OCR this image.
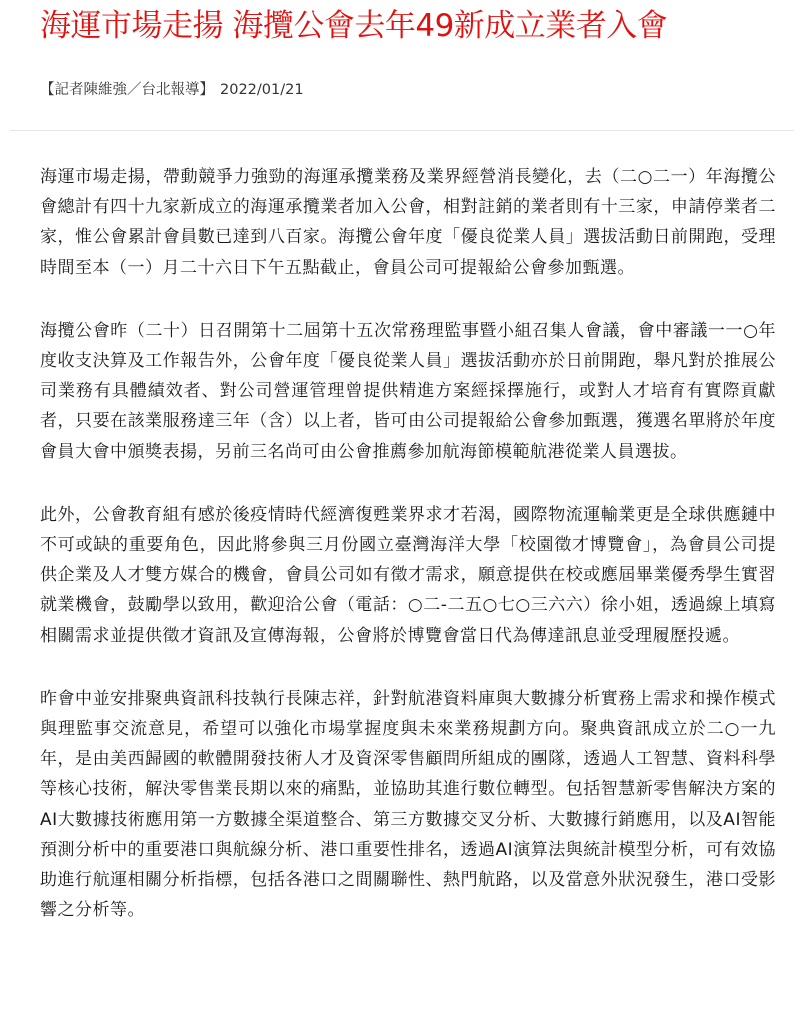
海運市場走揚 海攬公會去年49新成立業者入會
【記者陳維強／台北報導】 2022/01/21

海運市場走揚，帶動競爭力強勁的海運承攬業務及業界經營消長變化，去（二○二一）年海攬公會總計有四十九家新成立的海運承攬業者加入公會，相對註銷的業者則有十三家，申請停業者二家，惟公會累計會員數已達到八百家。海攬公會年度「優良從業人員」選拔活動日前開跑，受理時間至本（一）月二十六日下午五點截止，會員公司可提報給公會參加甄選。

海攬公會昨（二十）日召開第十二屆第十五次常務理監事暨小組召集人會議，會中審議一一○年度收支決算及工作報告外，公會年度「優良從業人員」選拔活動亦於日前開跑，舉凡對於推展公司業務有具體績效者、對公司營運管理曾提供精進方案經採擇施行，或對人才培育有實際貢獻者，只要在該業服務達三年（含）以上者，皆可由公司提報給公會參加甄選，獲選名單將於年度會員大會中頒獎表揚，另前三名尚可由公會推薦參加航海節模範航港從業人員選拔。

此外，公會教育組有感於後疫情時代經濟復甦業界求才若渴，國際物流運輸業更是全球供應鏈中不可或缺的重要角色，因此將參與三月份國立臺灣海洋大學「校園徵才博覽會」，為會員公司提供企業及人才雙方媒合的機會，會員公司如有徵才需求，願意提供在校或應屆畢業優秀學生實習就業機會，鼓勵學以致用，歡迎洽公會（電話：○二-二五○七○三六六）徐小姐，透過線上填寫相關需求並提供徵才資訊及宣傳海報，公會將於博覽會當日代為傳達訊息並受理履歷投遞。

昨會中並安排聚典資訊科技執行長陳志祥，針對航港資料庫與大數據分析實務上需求和操作模式與理監事交流意見，希望可以強化市場掌握度與未來業務規劃方向。聚典資訊成立於二○一九年，是由美西歸國的軟體開發技術人才及資深零售顧問所組成的團隊，透過人工智慧、資料科學等核心技術，解決零售業長期以來的痛點，並協助其進行數位轉型。包括智慧新零售解決方案的AI大數據技術應用第一方數據全渠道整合、第三方數據交叉分析、大數據行銷應用，以及AI智能預測分析中的重要港口與航線分析、港口重要性排名，透過AI演算法與統計模型分析，可有效協助進行航運相關分析指標，包括各港口之間關聯性、熱門航路，以及當意外狀況發生，港口受影響之分析等。
